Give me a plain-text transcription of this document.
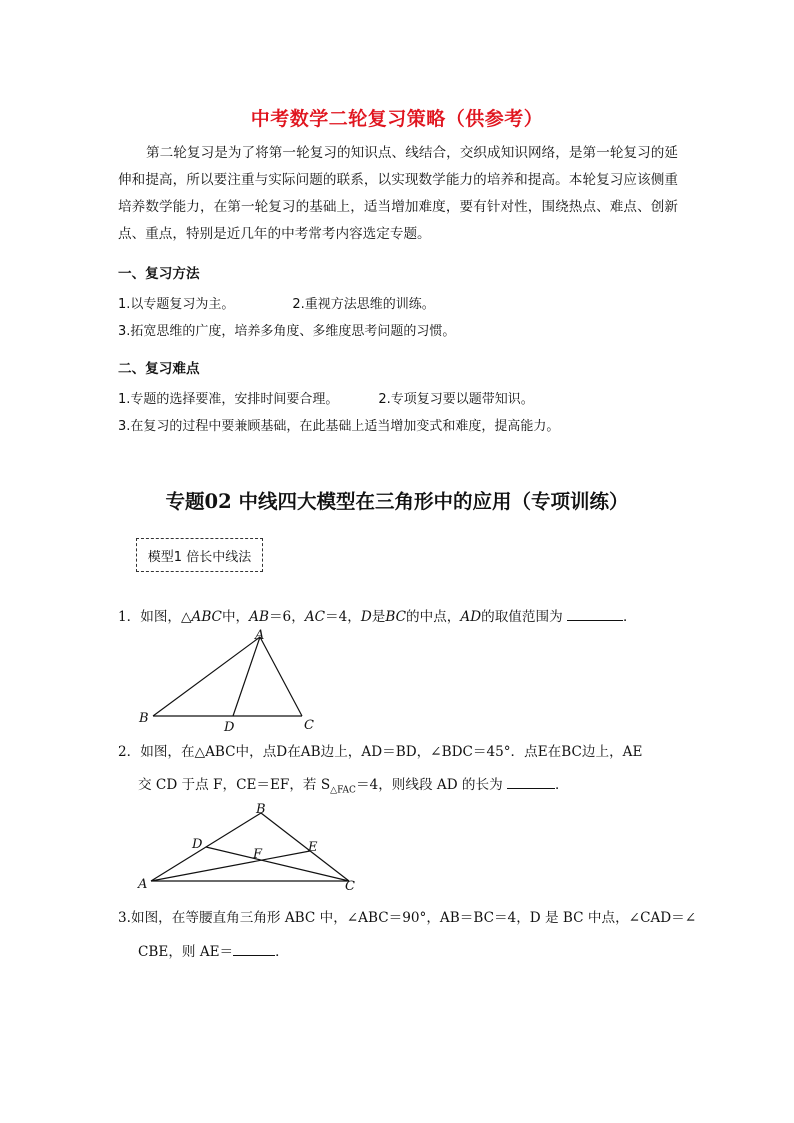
中考数学二轮复习策略（供参考）
第二轮复习是为了将第一轮复习的知识点、线结合，交织成知识网络，是第一轮复习的延伸和提高，所以要注重与实际问题的联系，以实现数学能力的培养和提高。本轮复习应该侧重培养数学能力，在第一轮复习的基础上，适当增加难度，要有针对性，围绕热点、难点、创新点、重点，特别是近几年的中考常考内容选定专题。
一、复习方法
1.以专题复习为主。	2.重视方法思维的训练。
3.拓宽思维的广度，培养多角度、多维度思考问题的习惯。
二、复习难点
1.专题的选择要准，安排时间要合理。	2.专项复习要以题带知识。
3.在复习的过程中要兼顾基础，在此基础上适当增加变式和难度，提高能力。
专题02 中线四大模型在三角形中的应用（专项训练）
模型1 倍长中线法
1．如图，△ABC中，AB＝6，AC＝4，D是BC的中点，AD的取值范围为	．
A
B	C
D
2．如图，在△ABC中，点D在AB边上，AD＝BD，∠BDC＝45°．点E在BC边上，AE
交 CD 于点 F，CE＝EF，若 $S_{\triangle FAC}=4$，则线段 AD 的长为	．
B
D	E
F
A	C
3.如图，在等腰直角三角形 ABC 中，∠ABC＝90°，AB＝BC＝4，D 是 BC 中点，∠CAD＝∠
CBE，则 AE＝	．
